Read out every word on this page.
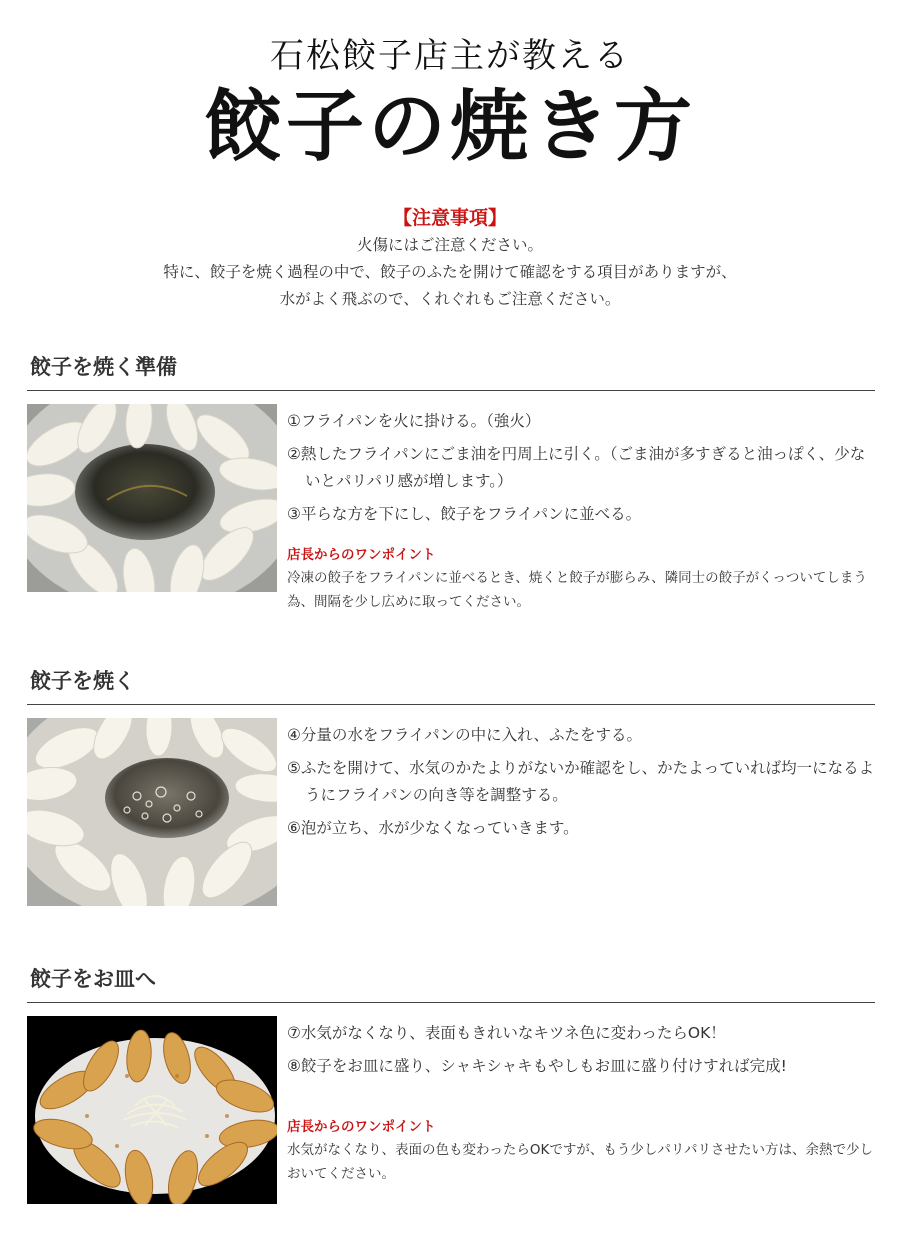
石松餃子店主が教える
餃子の焼き方
【注意事項】
火傷にはご注意ください。
特に、餃子を焼く過程の中で、餃子のふたを開けて確認をする項目がありますが、
水がよく飛ぶので、くれぐれもご注意ください。
餃子を焼く準備

①フライパンを火に掛ける。（強火）

②熱したフライパンにごま油を円周上に引く。（ごま油が多すぎると油っぽく、少ないとパリパリ感が増します。）

③平らな方を下にし、餃子をフライパンに並べる。

店長からのワンポイント

冷凍の餃子をフライパンに並べるとき、焼くと餃子が膨らみ、隣同士の餃子がくっついてしまう為、間隔を少し広めに取ってください。

餃子を焼く

④分量の水をフライパンの中に入れ、ふたをする。

⑤ふたを開けて、水気のかたよりがないか確認をし、かたよっていれば均一になるようにフライパンの向き等を調整する。

⑥泡が立ち、水が少なくなっていきます。

餃子をお皿へ

⑦水気がなくなり、表面もきれいなキツネ色に変わったらOK！

⑧餃子をお皿に盛り、シャキシャキもやしもお皿に盛り付けすれば完成!

店長からのワンポイント

水気がなくなり、表面の色も変わったらOKですが、もう少しパリパリさせたい方は、余熱で少しおいてください。
